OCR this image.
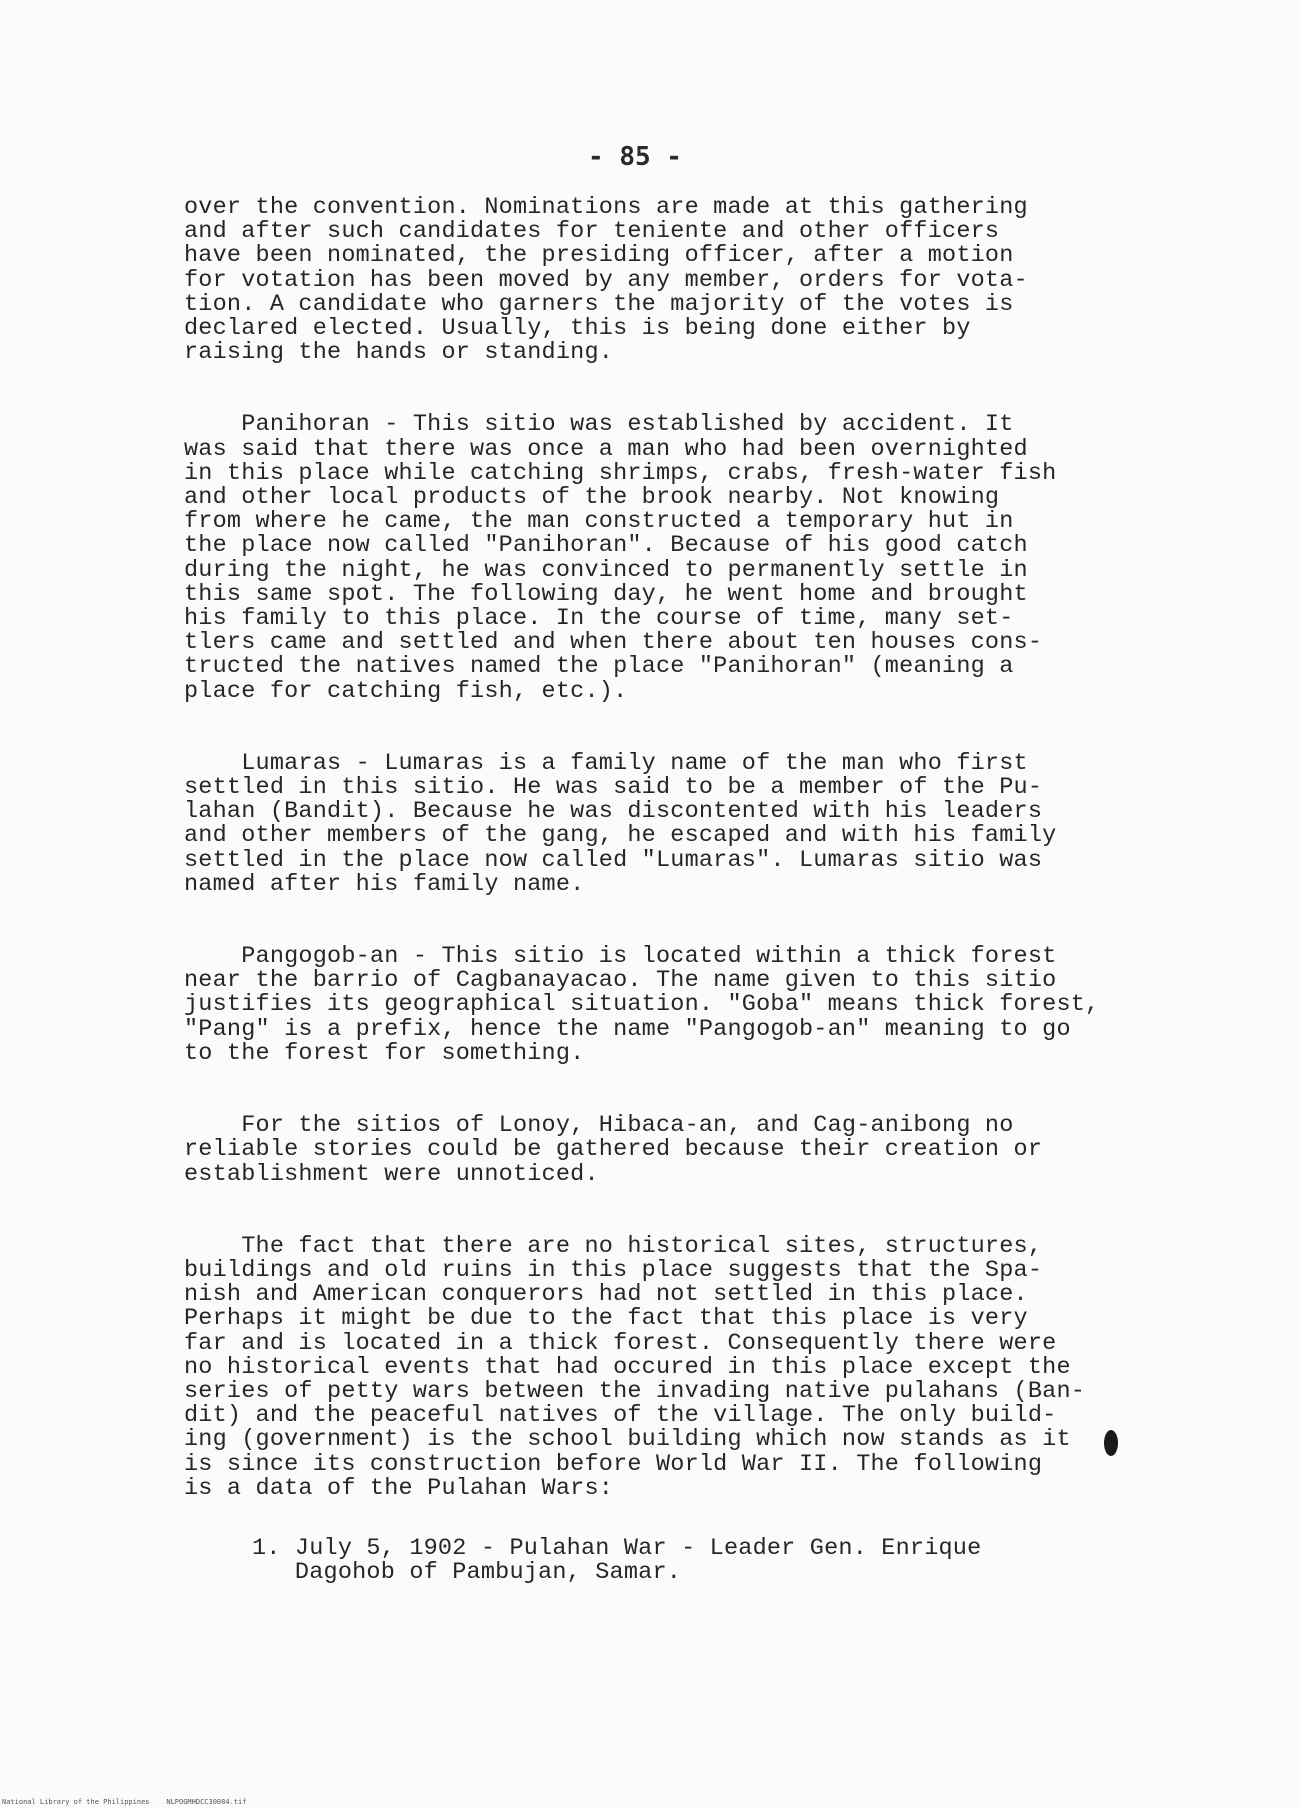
- 85 -

over the convention. Nominations are made at this gathering
and after such candidates for teniente and other officers
have been nominated, the presiding officer, after a motion
for votation has been moved by any member, orders for vota-
tion. A candidate who garners the majority of the votes is
declared elected. Usually, this is being done either by
raising the hands or standing.

Panihoran - This sitio was established by accident. It
was said that there was once a man who had been overnighted
in this place while catching shrimps, crabs, fresh-water fish
and other local products of the brook nearby. Not knowing
from where he came, the man constructed a temporary hut in
the place now called "Panihoran". Because of his good catch
during the night, he was convinced to permanently settle in
this same spot. The following day, he went home and brought
his family to this place. In the course of time, many set-
tlers came and settled and when there about ten houses cons-
tructed the natives named the place "Panihoran" (meaning a
place for catching fish, etc.).

Lumaras - Lumaras is a family name of the man who first
settled in this sitio. He was said to be a member of the Pu-
lahan (Bandit). Because he was discontented with his leaders
and other members of the gang, he escaped and with his family
settled in the place now called "Lumaras". Lumaras sitio was
named after his family name.

Pangogob-an - This sitio is located within a thick forest
near the barrio of Cagbanayacao. The name given to this sitio
justifies its geographical situation. "Goba" means thick forest,
"Pang" is a prefix, hence the name "Pangogob-an" meaning to go
to the forest for something.

For the sitios of Lonoy, Hibaca-an, and Cag-anibong no
reliable stories could be gathered because their creation or
establishment were unnoticed.

The fact that there are no historical sites, structures,
buildings and old ruins in this place suggests that the Spa-
nish and American conquerors had not settled in this place.
Perhaps it might be due to the fact that this place is very
far and is located in a thick forest. Consequently there were
no historical events that had occured in this place except the
series of petty wars between the invading native pulahans (Ban-
dit) and the peaceful natives of the village. The only build-
ing (government) is the school building which now stands as it
is since its construction before World War II. The following
is a data of the Pulahan Wars:

1. July 5, 1902 - Pulahan War - Leader Gen. Enrique
Dagohob of Pambujan, Samar.

National Library of the Philippines    NLPOGMHDCC30084.tif
